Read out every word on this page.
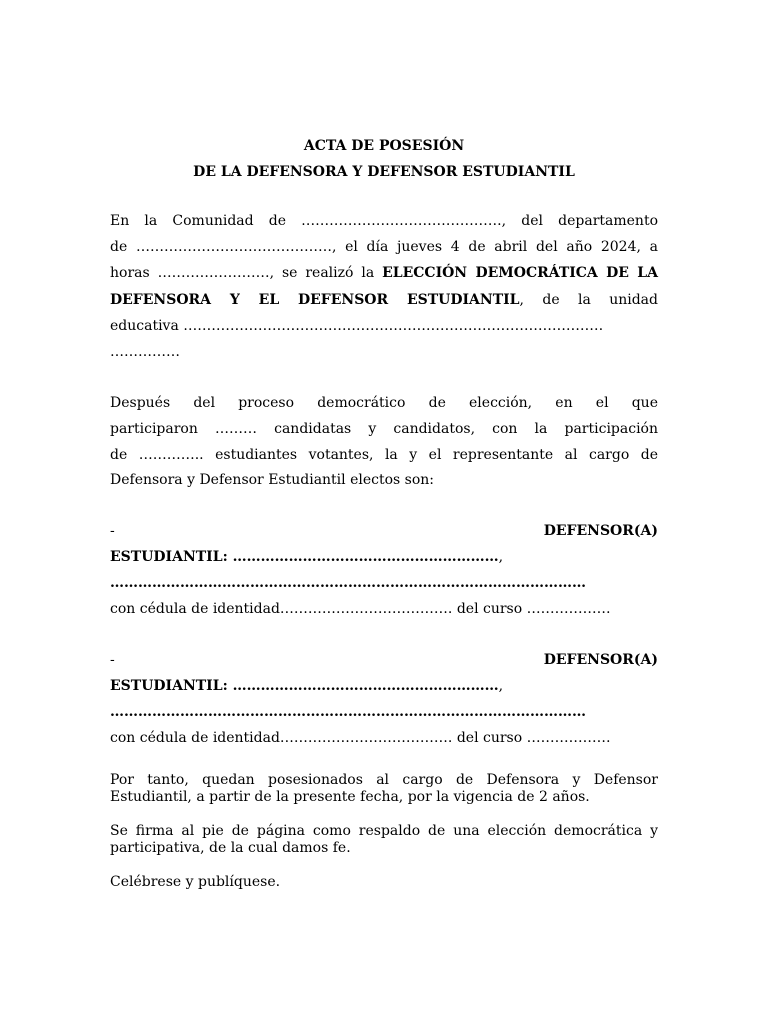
ACTA DE POSESIÓN
DE LA DEFENSORA Y DEFENSOR ESTUDIANTIL
En la Comunidad de ……………………………………., del departamento
de ……………………………………, el día jueves 4 de abril del año 2024, a
horas ……………………, se realizó la ELECCIÓN DEMOCRÁTICA DE LA
DEFENSORA Y EL DEFENSOR ESTUDIANTIL, de la unidad
educativa ………………………………………………………………………………
……………
Después del proceso democrático de elección, en el que
participaron ……… candidatas y candidatos, con la participación
de ………….. estudiantes votantes, la y el representante al cargo de
Defensora y Defensor Estudiantil electos son:
-	DEFENSOR(A)
ESTUDIANTIL: …………………………………………………,
…………………………………………………………………………………………
con cédula de identidad………………………………. del curso ………………
-	DEFENSOR(A)
ESTUDIANTIL: …………………………………………………,
…………………………………………………………………………………………
con cédula de identidad………………………………. del curso ………………
Por tanto, quedan posesionados al cargo de Defensora y Defensor
Estudiantil, a partir de la presente fecha, por la vigencia de 2 años.
Se firma al pie de página como respaldo de una elección democrática y
participativa, de la cual damos fe.
Celébrese y publíquese.
